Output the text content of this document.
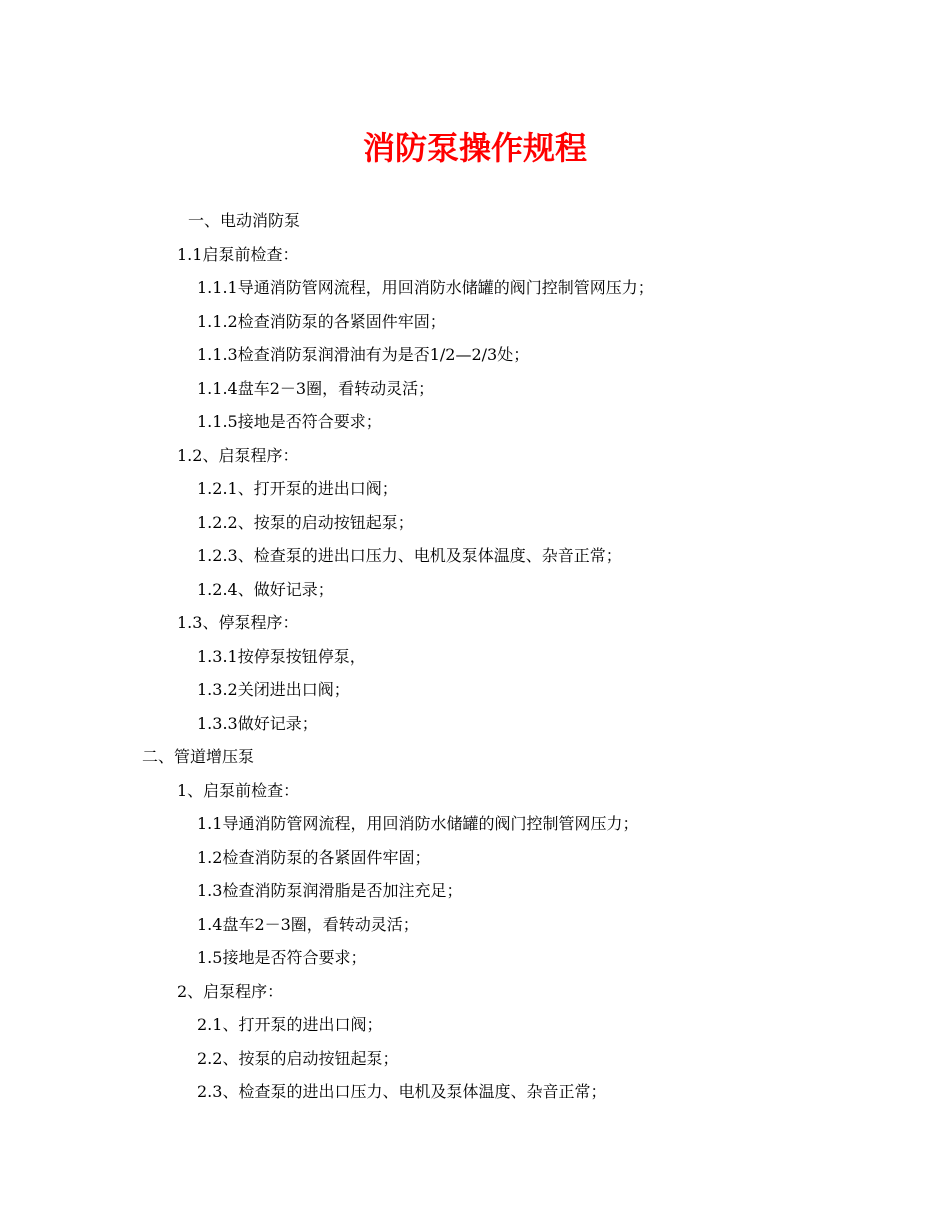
消防泵操作规程
一、电动消防泵
1.1启泵前检查：
1.1.1导通消防管网流程，用回消防水储罐的阀门控制管网压力；
1.1.2检查消防泵的各紧固件牢固；
1.1.3检查消防泵润滑油有为是否1/2—2/3处；
1.1.4盘车2－3圈，看转动灵活；
1.1.5接地是否符合要求；
1.2、启泵程序：
1.2.1、打开泵的进出口阀；
1.2.2、按泵的启动按钮起泵；
1.2.3、检查泵的进出口压力、电机及泵体温度、杂音正常；
1.2.4、做好记录；
1.3、停泵程序：
1.3.1按停泵按钮停泵，
1.3.2关闭进出口阀；
1.3.3做好记录；
二、管道增压泵
1、启泵前检查：
1.1导通消防管网流程，用回消防水储罐的阀门控制管网压力；
1.2检查消防泵的各紧固件牢固；
1.3检查消防泵润滑脂是否加注充足；
1.4盘车2－3圈，看转动灵活；
1.5接地是否符合要求；
2、启泵程序：
2.1、打开泵的进出口阀；
2.2、按泵的启动按钮起泵；
2.3、检查泵的进出口压力、电机及泵体温度、杂音正常；
